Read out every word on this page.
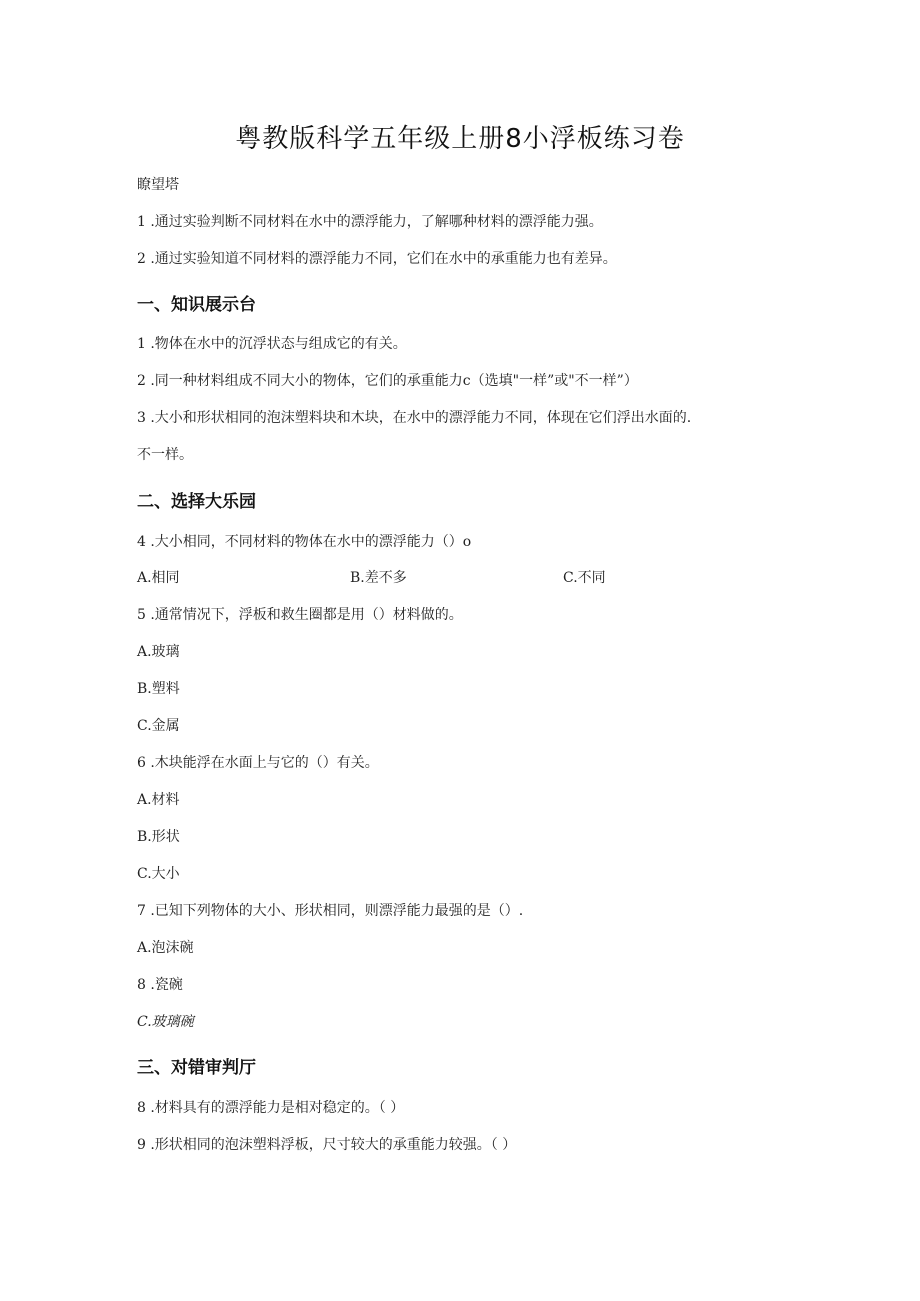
粤教版科学五年级上册8小浮板练习卷
瞭望塔
1 .通过实验判断不同材料在水中的漂浮能力，了解哪种材料的漂浮能力强。
2 .通过实验知道不同材料的漂浮能力不同，它们在水中的承重能力也有差异。
一、知识展示台
1 .物体在水中的沉浮状态与组成它的有关。
2 .同一种材料组成不同大小的物体，它们的承重能力c（选填"一样”或"不一样”）
3 .大小和形状相同的泡沫塑料块和木块，在水中的漂浮能力不同，体现在它们浮出水面的.
不一样。
二、选择大乐园
4 .大小相同，不同材料的物体在水中的漂浮能力（）o
A.相同	B.差不多	C.不同
5 .通常情况下，浮板和救生圈都是用（）材料做的。
A.玻璃
B.塑料
C.金属
6 .木块能浮在水面上与它的（）有关。
A.材料
B.形状
C.大小
7 .已知下列物体的大小、形状相同，则漂浮能力最强的是（）.
A.泡沫碗
8 .瓷碗
C.玻璃碗
三、对错审判厅
8 .材料具有的漂浮能力是相对稳定的。（ ）
9 .形状相同的泡沫塑料浮板，尺寸较大的承重能力较强。（ ）
